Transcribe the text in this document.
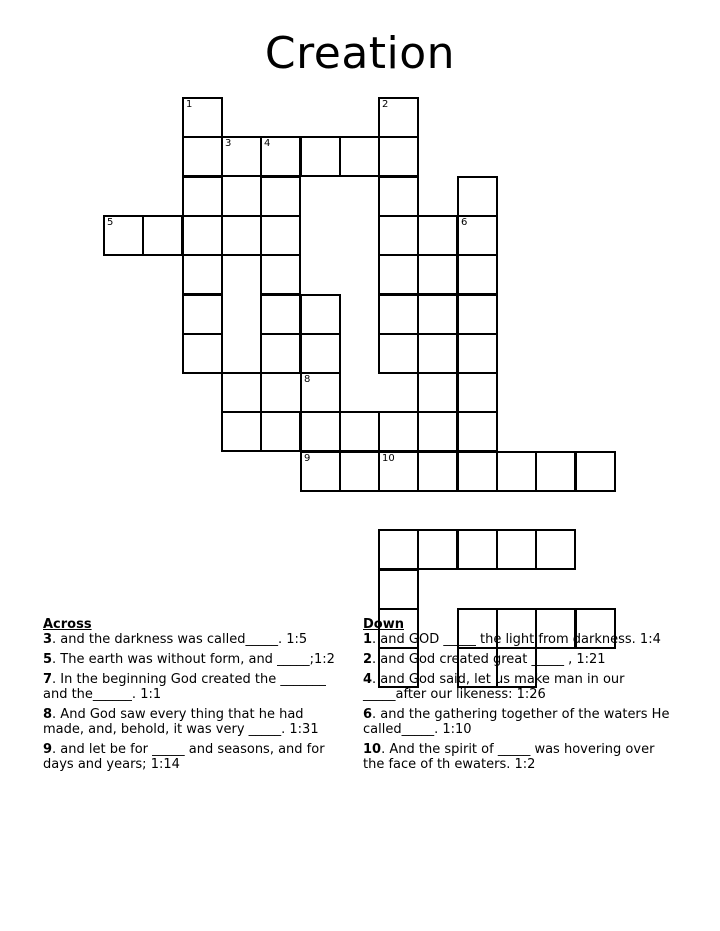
Creation
1	2
4
8
3
5	6
9	10
Across
3. and the darkness was called_____. 1:5
5. The earth was without form, and _____;1:2
7. In the beginning God created the _______ and the______. 1:1
8. And God saw every thing that he had made, and, behold, it was very _____. 1:31
9. and let be for _____ and seasons, and for days and years; 1:14
Down
1. and GOD _____ the light from darkness. 1:4
2. and God created great _____ , 1:21
4. and God said, let us make man in our _____after our likeness: 1:26
6. and the gathering together of the waters He called_____. 1:10
10. And the spirit of _____ was hovering over the face of th ewaters. 1:2
